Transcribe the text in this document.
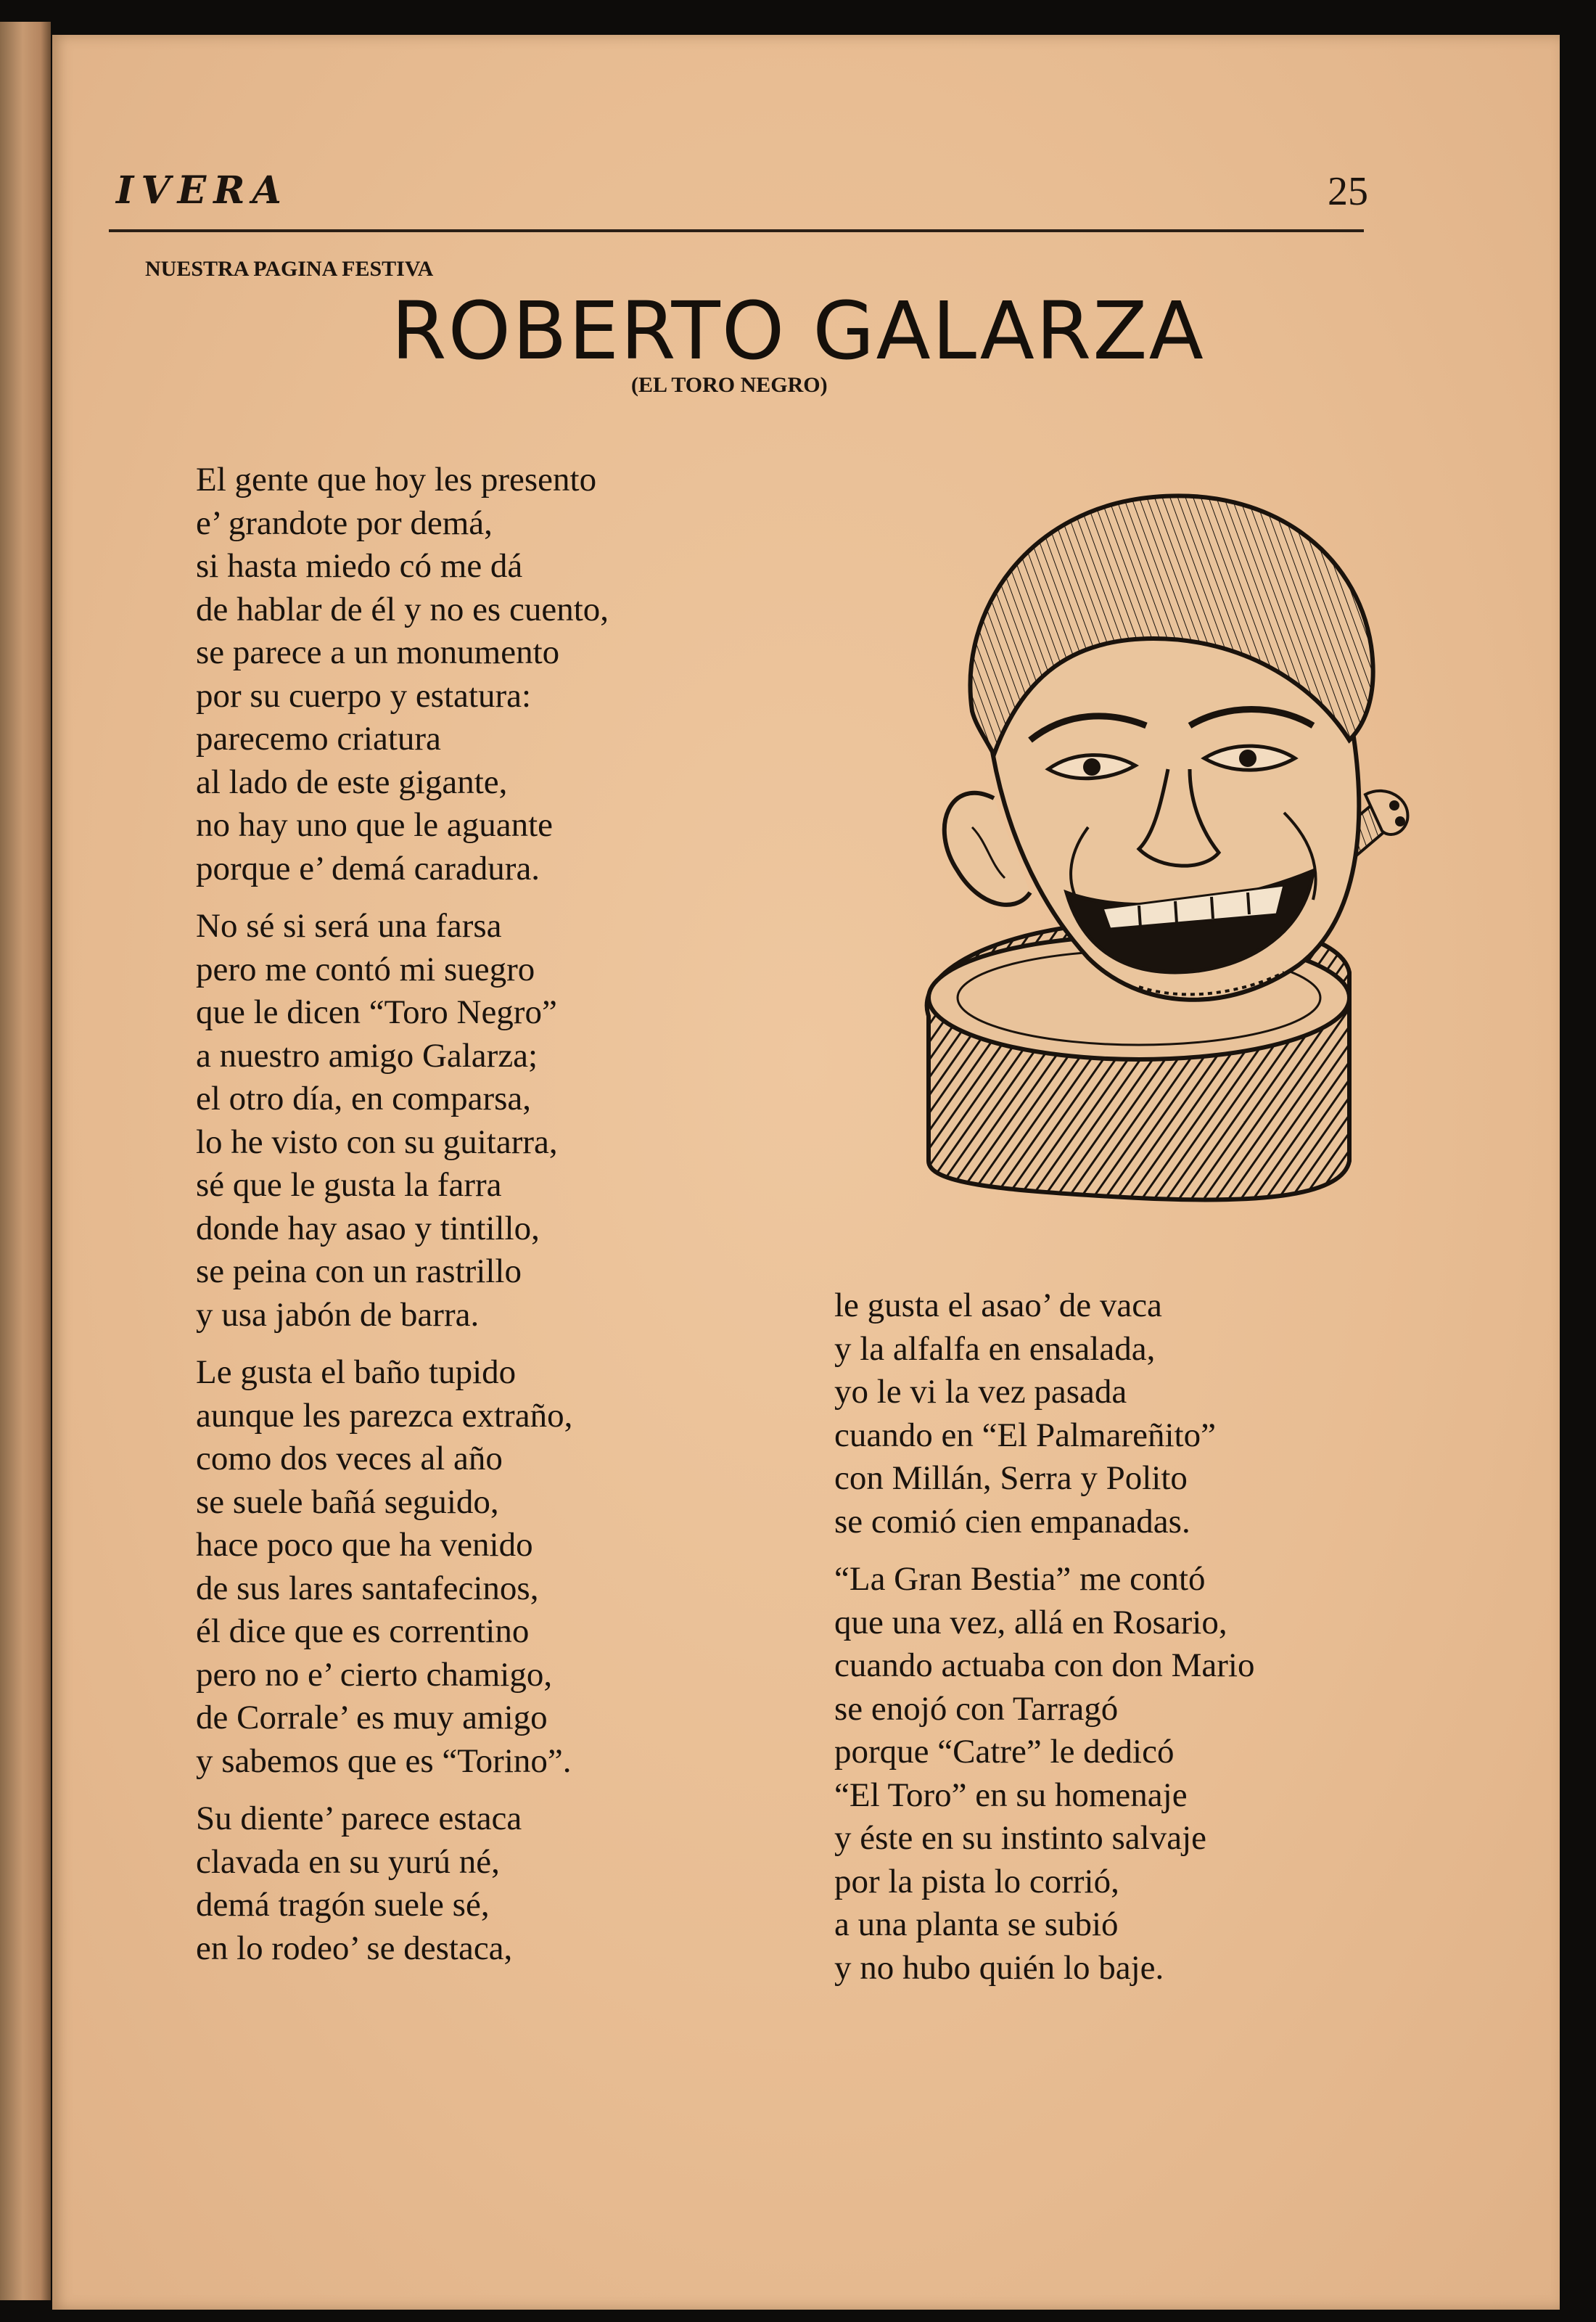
IVERA	25
NUESTRA PAGINA FESTIVA
ROBERTO GALARZA
(EL TORO NEGRO)
El gente que hoy les presento
e’ grandote por demá,
si hasta miedo có me dá
de hablar de él y no es cuento,
se parece a un monumento
por su cuerpo y estatura:
parecemo criatura
al lado de este gigante,
no hay uno que le aguante
porque e’ demá caradura.
No sé si será una farsa
pero me contó mi suegro
que le dicen “Toro Negro”
a nuestro amigo Galarza;
el otro día, en comparsa,
lo he visto con su guitarra,
sé que le gusta la farra
donde hay asao y tintillo,
se peina con un rastrillo
y usa jabón de barra.
Le gusta el baño tupido
aunque les parezca extraño,
como dos veces al año
se suele bañá seguido,
hace poco que ha venido
de sus lares santafecinos,
él dice que es correntino
pero no e’ cierto chamigo,
de Corrale’ es muy amigo
y sabemos que es “Torino”.
Su diente’ parece estaca
clavada en su yurú né,
demá tragón suele sé,
en lo rodeo’ se destaca,
le gusta el asao’ de vaca
y la alfalfa en ensalada,
yo le vi la vez pasada
cuando en “El Palmareñito”
con Millán, Serra y Polito
se comió cien empanadas.
“La Gran Bestia” me contó
que una vez, allá en Rosario,
cuando actuaba con don Mario
se enojó con Tarragó
porque “Catre” le dedicó
“El Toro” en su homenaje
y éste en su instinto salvaje
por la pista lo corrió,
a una planta se subió
y no hubo quién lo baje.
